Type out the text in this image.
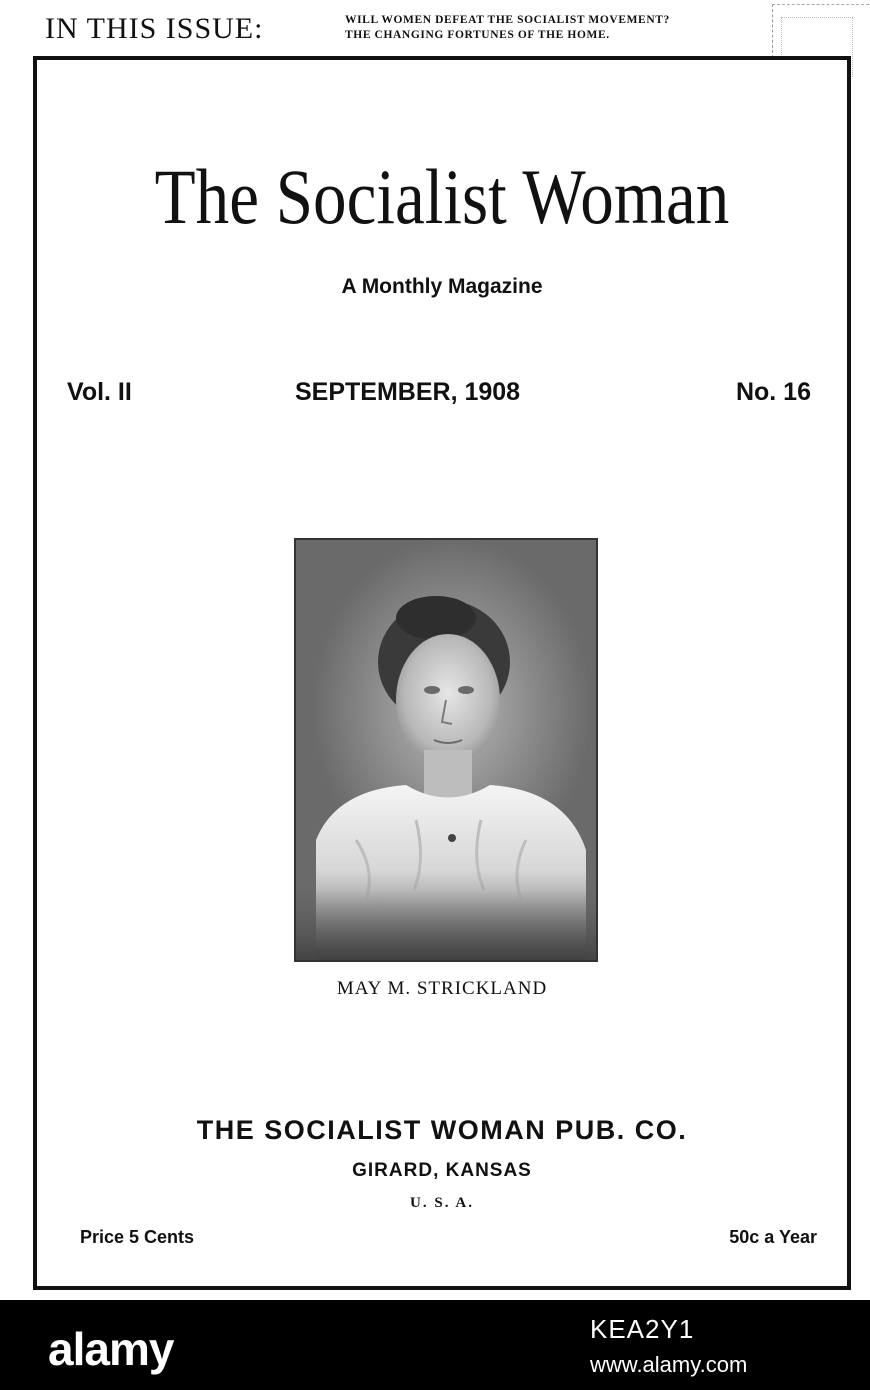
IN THIS ISSUE:	WILL WOMEN DEFEAT THE SOCIALIST MOVEMENT?
THE CHANGING FORTUNES OF THE HOME.
The Socialist Woman
A Monthly Magazine
Vol. II	SEPTEMBER, 1908	No. 16
MAY M. STRICKLAND
THE SOCIALIST WOMAN PUB. CO.
GIRARD, KANSAS
U. S. A.
Price 5 Cents	50c a Year
alamy	KEA2Y1
www.alamy.com
